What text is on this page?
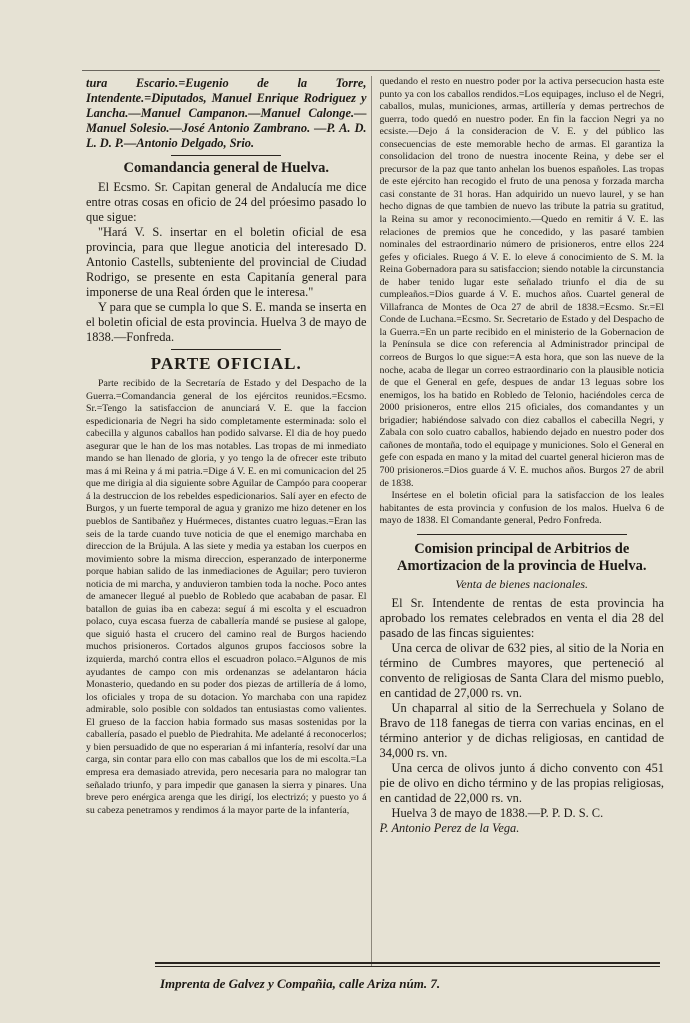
tura Escario.=Eugenio de la Torre, Intendente.=Diputados, Manuel Enrique Rodriguez y Lancha.—Manuel Campanon.—Manuel Calonge.—Manuel Solesio.—José Antonio Zambrano. —P. A. D. L. D. P.—Antonio Delgado, Srio.

Comandancia general de Huelva.

El Ecsmo. Sr. Capitan general de Andalucía me dice entre otras cosas en oficio de 24 del próesimo pasado lo que sigue:

"Hará V. S. insertar en el boletin oficial de esa provincia, para que llegue anoticia del interesado D. Antonio Castells, subteniente del provincial de Ciudad Rodrigo, se presente en esta Capitanía general para imponerse de una Real órden que le interesa."

Y para que se cumpla lo que S. E. manda se inserta en el boletin oficial de esta provincia. Huelva 3 de mayo de 1838.—Fonfreda.

PARTE OFICIAL.

Parte recibido de la Secretaría de Estado y del Despacho de la Guerra.=Comandancia general de los ejércitos reunidos.=Ecsmo. Sr.=Tengo la satisfaccion de anunciará V. E. que la faccion espedicionaria de Negri ha sido completamente esterminada: solo el cabecilla y algunos caballos han podido salvarse. El dia de hoy puedo asegurar que le han de los mas notables. Las tropas de mi inmediato mando se han llenado de gloria, y yo tengo la de ofrecer este tributo mas á mi Reina y á mi patria.=Dige á V. E. en mi comunicacion del 25 que me dirigia al dia siguiente sobre Aguilar de Campóo para cooperar á la destruccion de los rebeldes espedicionarios. Salí ayer en efecto de Burgos, y un fuerte temporal de agua y granizo me hizo detener en los pueblos de Santibañez y Huérmeces, distantes cuatro leguas.=Eran las seis de la tarde cuando tuve noticia de que el enemigo marchaba en direccion de la Brújula. A las siete y media ya estaban los cuerpos en movimiento sobre la misma direccion, esperanzado de interponerme porque habian salido de las inmediaciones de Aguilar; pero tuvieron noticia de mi marcha, y anduvieron tambien toda la noche. Poco antes de amanecer llegué al pueblo de Robledo que acababan de pasar. El batallon de guias iba en cabeza: seguí á mi escolta y el escuadron polaco, cuya escasa fuerza de caballería mandé se pusiese al galope, que siguió hasta el crucero del camino real de Burgos haciendo muchos prisioneros. Cortados algunos grupos facciosos sobre la izquierda, marchó contra ellos el escuadron polaco.=Algunos de mis ayudantes de campo con mis ordenanzas se adelantaron hácia Monasterio, quedando en su poder dos piezas de artillería de á lomo, los oficiales y tropa de su dotacion. Yo marchaba con una rapidez admirable, solo posible con soldados tan entusiastas como valientes. El grueso de la faccion habia formado sus masas sostenidas por la caballería, pasado el pueblo de Piedrahita. Me adelanté á reconocerlos; y bien persuadido de que no esperarian á mi infantería, resolví dar una carga, sin contar para ello con mas caballos que los de mi escolta.=La empresa era demasiado atrevida, pero necesaria para no malograr tan señalado triunfo, y para impedir que ganasen la sierra y pinares. Una breve pero enérgica arenga que les dirigí, los electrizó; y puesto yo á su cabeza penetramos y rendimos á la mayor parte de la infantería,

quedando el resto en nuestro poder por la activa persecucion hasta este punto ya con los caballos rendidos.=Los equipages, incluso el de Negri, caballos, mulas, municiones, armas, artillería y demas pertrechos de guerra, todo quedó en nuestro poder. En fin la faccion Negri ya no ecsiste.—Dejo á la consideracion de V. E. y del público las consecuencias de este memorable hecho de armas. El garantiza la consolidacion del trono de nuestra inocente Reina, y debe ser el precursor de la paz que tanto anhelan los buenos españoles. Las tropas de este ejército han recogido el fruto de una penosa y forzada marcha casi constante de 31 horas. Han adquirido un nuevo laurel, y se han hecho dignas de que tambien de nuevo las tribute la patria su gratitud, la Reina su amor y reconocimiento.—Quedo en remitir á V. E. las relaciones de premios que he concedido, y las pasaré tambien nominales del estraordinario número de prisioneros, entre ellos 224 gefes y oficiales. Ruego á V. E. lo eleve á conocimiento de S. M. la Reina Gobernadora para su satisfaccion; siendo notable la circunstancia de haber tenido lugar este señalado triunfo el dia de su cumpleaños.=Dios guarde á V. E. muchos años. Cuartel general de Villafranca de Montes de Oca 27 de abril de 1838.=Ecsmo. Sr.=El Conde de Luchana.=Ecsmo. Sr. Secretario de Estado y del Despacho de la Guerra.=En un parte recibido en el ministerio de la Gobernacion de la Península se dice con referencia al Administrador principal de correos de Burgos lo que sigue:=A esta hora, que son las nueve de la noche, acaba de llegar un correo estraordinario con la plausible noticia de que el General en gefe, despues de andar 13 leguas sobre los enemigos, los ha batido en Robledo de Telonio, haciéndoles cerca de 2000 prisioneros, entre ellos 215 oficiales, dos comandantes y un brigadier; habiéndose salvado con diez caballos el cabecilla Negri, y Zabala con solo cuatro caballos, habiendo dejado en nuestro poder dos cañones de montaña, todo el equipage y municiones. Solo el General en gefe con espada en mano y la mitad del cuartel general hicieron mas de 700 prisioneros.=Dios guarde á V. E. muchos años. Burgos 27 de abril de 1838.

Insértese en el boletin oficial para la satisfaccion de los leales habitantes de esta provincia y confusion de los malos. Huelva 6 de mayo de 1838. El Comandante general, Pedro Fonfreda.

Comision principal de Arbitrios de Amortizacion de la provincia de Huelva.

Venta de bienes nacionales.

El Sr. Intendente de rentas de esta provincia ha aprobado los remates celebrados en venta el dia 28 del pasado de las fincas siguientes:

Una cerca de olivar de 632 pies, al sitio de la Noria en término de Cumbres mayores, que perteneció al convento de religiosas de Santa Clara del mismo pueblo, en cantidad de 27,000 rs. vn.

Un chaparral al sitio de la Serrechuela y Solano de Bravo de 118 fanegas de tierra con varias encinas, en el término anterior y de dichas religiosas, en cantidad de 34,000 rs. vn.

Una cerca de olivos junto á dicho convento con 451 pie de olivo en dicho término y de las propias religiosas, en cantidad de 22,000 rs. vn.

Huelva 3 de mayo de 1838.—P. P. D. S. C.

P. Antonio Perez de la Vega.

Imprenta de Galvez y Compañia, calle Ariza núm. 7.
